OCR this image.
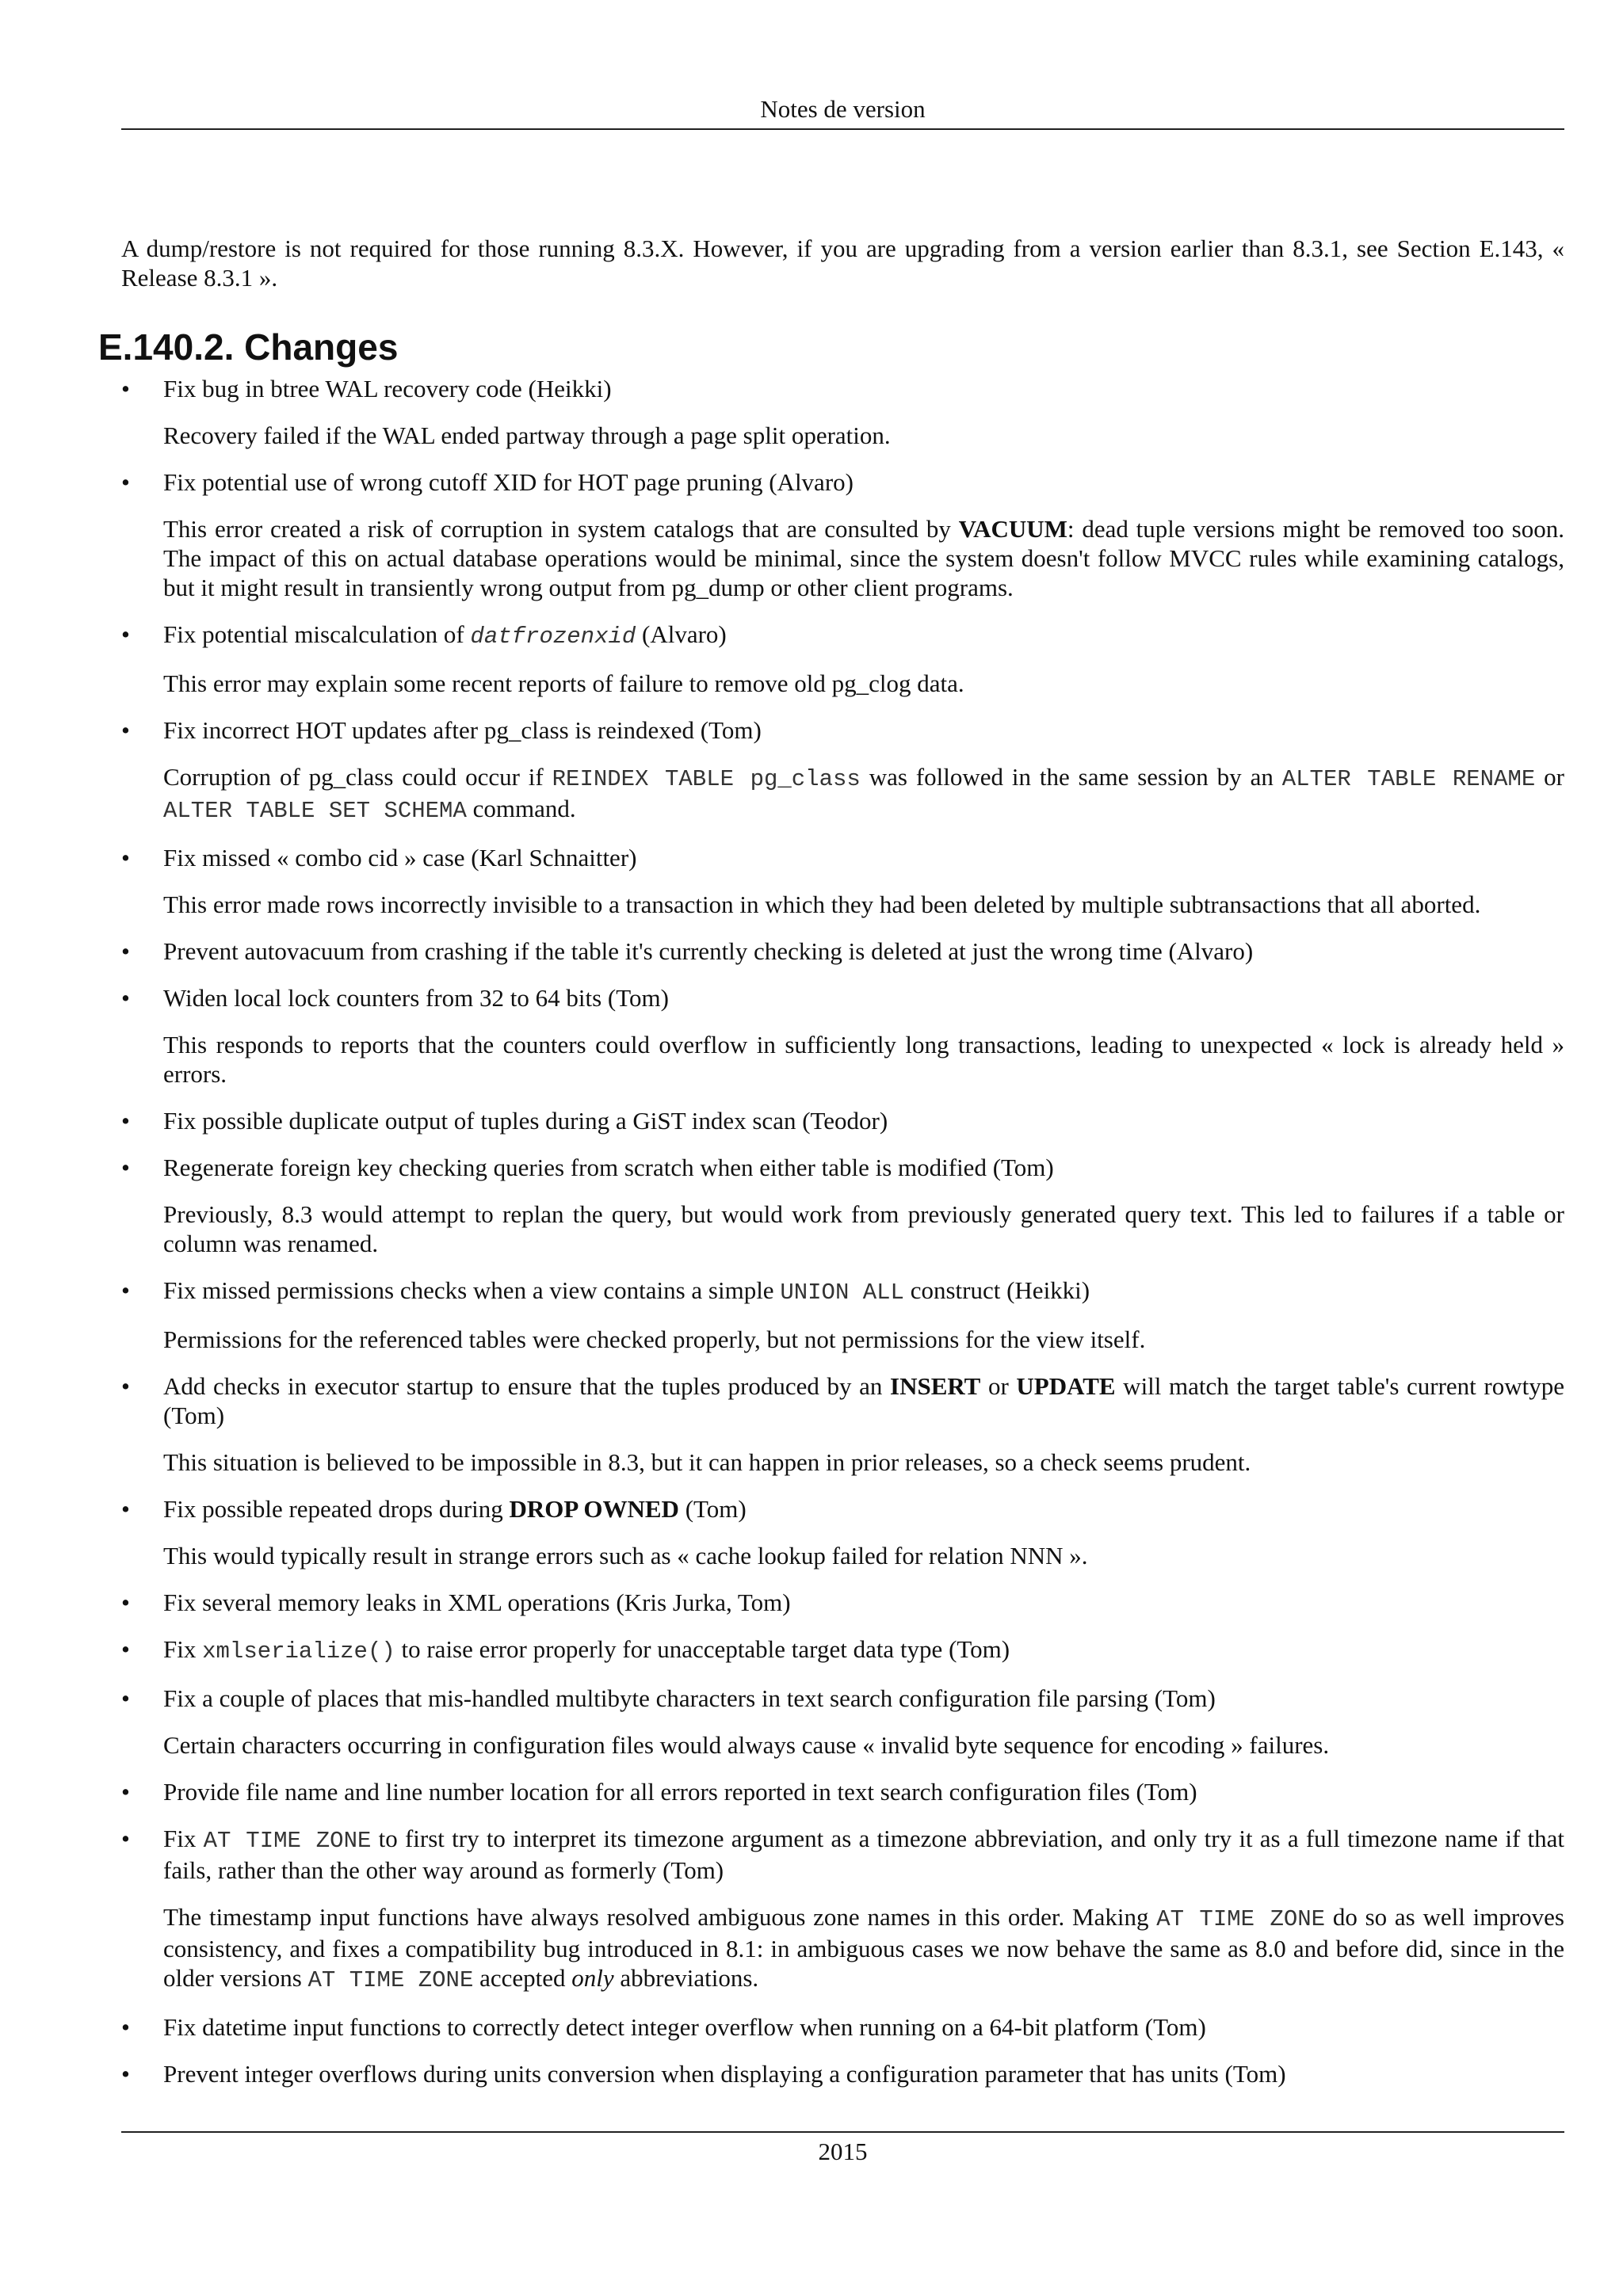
Notes de version

A dump/restore is not required for those running 8.3.X. However, if you are upgrading from a version earlier than 8.3.1, see Section E.143, « Release 8.3.1 ».

E.140.2. Changes
• Fix bug in btree WAL recovery code (Heikki)

Recovery failed if the WAL ended partway through a page split operation.

• Fix potential use of wrong cutoff XID for HOT page pruning (Alvaro)

This error created a risk of corruption in system catalogs that are consulted by VACUUM: dead tuple versions might be removed too soon. The impact of this on actual database operations would be minimal, since the system doesn't follow MVCC rules while examining catalogs, but it might result in transiently wrong output from pg_dump or other client programs.

• Fix potential miscalculation of datfrozenxid (Alvaro)

This error may explain some recent reports of failure to remove old pg_clog data.

• Fix incorrect HOT updates after pg_class is reindexed (Tom)

Corruption of pg_class could occur if REINDEX TABLE pg_class was followed in the same session by an ALTER TABLE RENAME or ALTER TABLE SET SCHEMA command.

• Fix missed « combo cid » case (Karl Schnaitter)

This error made rows incorrectly invisible to a transaction in which they had been deleted by multiple subtransactions that all aborted.

• Prevent autovacuum from crashing if the table it's currently checking is deleted at just the wrong time (Alvaro)

• Widen local lock counters from 32 to 64 bits (Tom)

This responds to reports that the counters could overflow in sufficiently long transactions, leading to unexpected « lock is already held » errors.

• Fix possible duplicate output of tuples during a GiST index scan (Teodor)

• Regenerate foreign key checking queries from scratch when either table is modified (Tom)

Previously, 8.3 would attempt to replan the query, but would work from previously generated query text. This led to failures if a table or column was renamed.

• Fix missed permissions checks when a view contains a simple UNION ALL construct (Heikki)

Permissions for the referenced tables were checked properly, but not permissions for the view itself.

• Add checks in executor startup to ensure that the tuples produced by an INSERT or UPDATE will match the target table's current rowtype (Tom)

This situation is believed to be impossible in 8.3, but it can happen in prior releases, so a check seems prudent.

• Fix possible repeated drops during DROP OWNED (Tom)

This would typically result in strange errors such as « cache lookup failed for relation NNN ».

• Fix several memory leaks in XML operations (Kris Jurka, Tom)

• Fix xmlserialize() to raise error properly for unacceptable target data type (Tom)

• Fix a couple of places that mis-handled multibyte characters in text search configuration file parsing (Tom)

Certain characters occurring in configuration files would always cause « invalid byte sequence for encoding » failures.

• Provide file name and line number location for all errors reported in text search configuration files (Tom)

• Fix AT TIME ZONE to first try to interpret its timezone argument as a timezone abbreviation, and only try it as a full timezone name if that fails, rather than the other way around as formerly (Tom)

The timestamp input functions have always resolved ambiguous zone names in this order. Making AT TIME ZONE do so as well improves consistency, and fixes a compatibility bug introduced in 8.1: in ambiguous cases we now behave the same as 8.0 and before did, since in the older versions AT TIME ZONE accepted only abbreviations.

• Fix datetime input functions to correctly detect integer overflow when running on a 64-bit platform (Tom)

• Prevent integer overflows during units conversion when displaying a configuration parameter that has units (Tom)

2015
